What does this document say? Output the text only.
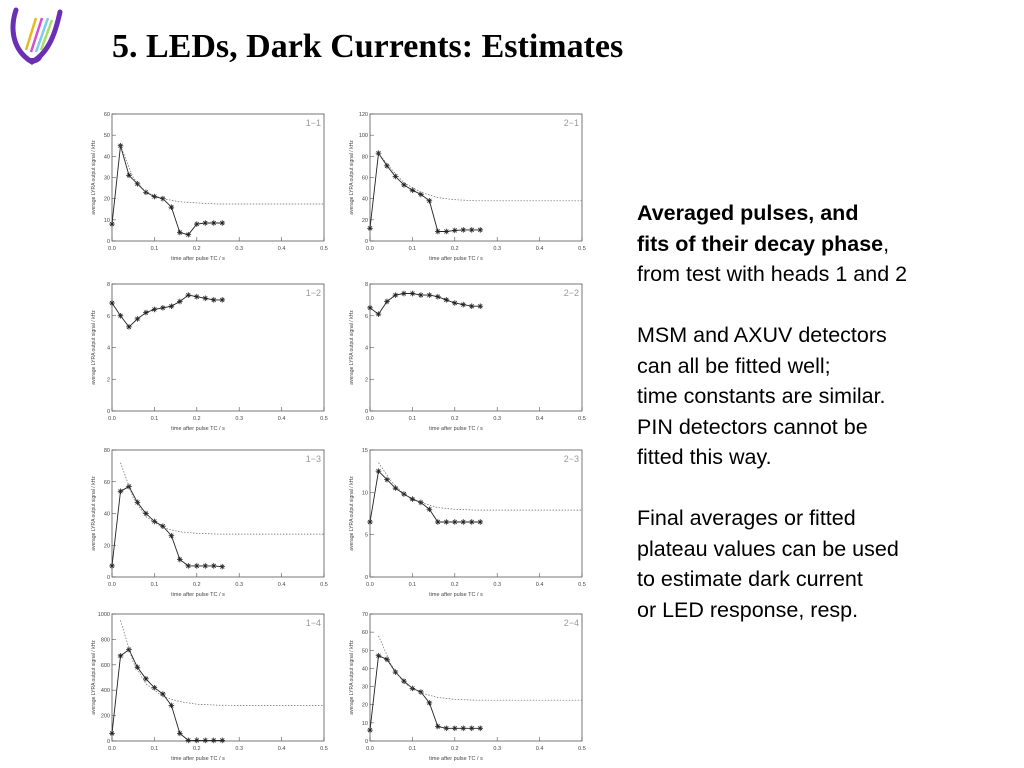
5. LEDs, Dark Currents: Estimates
0.0	0.1	0.2	0.3	0.4	0.5
0
10
20
30
40
50
60
time after pulse TC / s
average LYRA output signal / kHz
1−1
0.0	0.1	0.2	0.3	0.4	0.5
0
20
40
60
80
100
120
time after pulse TC / s
average LYRA output signal / kHz
2−1
0.0	0.1	0.2	0.3	0.4	0.5
0
2
4
6
8
time after pulse TC / s
average LYRA output signal / kHz
1−2
0.0	0.1	0.2	0.3	0.4	0.5
0
2
4
6
8
time after pulse TC / s
average LYRA output signal / kHz
2−2
0.0	0.1	0.2	0.3	0.4	0.5
0
20
40
60
80
time after pulse TC / s
average LYRA output signal / kHz
1−3
0.0	0.1	0.2	0.3	0.4	0.5
0
5
10
15
time after pulse TC / s
average LYRA output signal / kHz
2−3
0.0	0.1	0.2	0.3	0.4	0.5
0
200
400
600
800
1000
time after pulse TC / s
average LYRA output signal / kHz
1−4
0.0	0.1	0.2	0.3	0.4	0.5
0
10
20
30
40
50
60
70
time after pulse TC / s
average LYRA output signal / kHz
2−4

Averaged pulses, and
fits of their decay phase,
from test with heads 1 and 2

MSM and AXUV detectors
can all be fitted well;
time constants are similar.
PIN detectors cannot be
fitted this way.

Final averages or fitted
plateau values can be used
to estimate dark current
or LED response, resp.
